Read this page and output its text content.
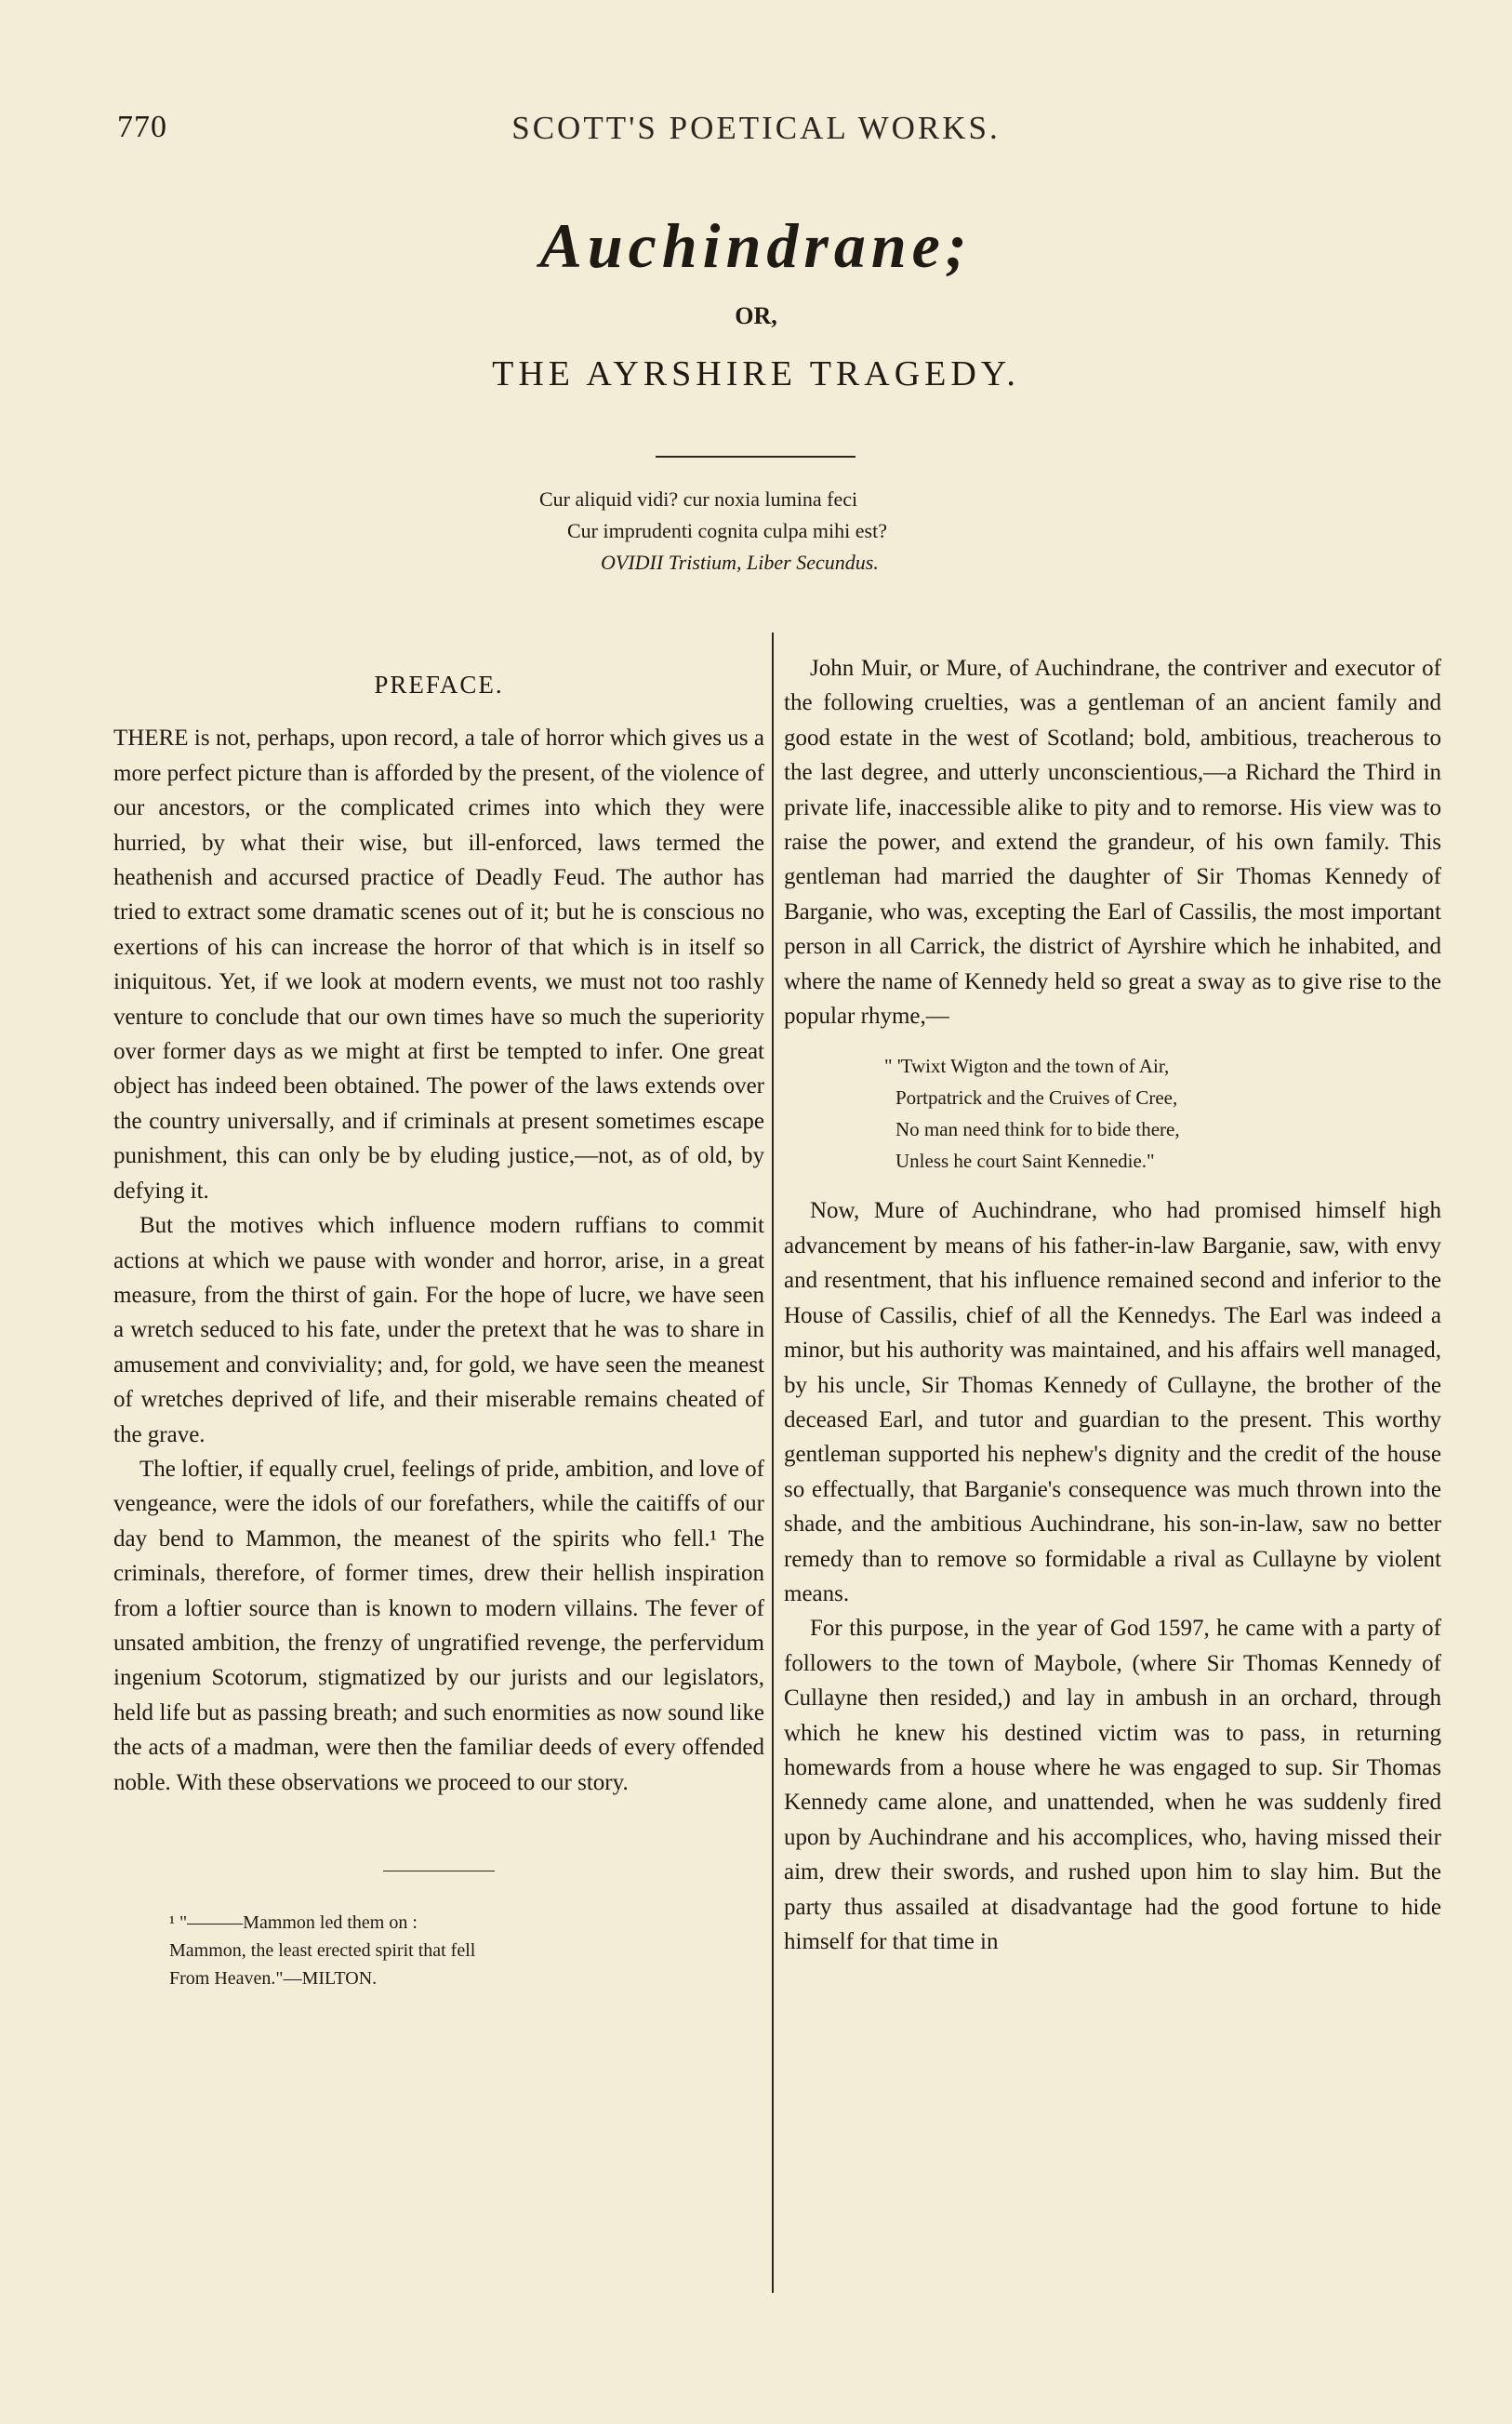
770	SCOTT'S POETICAL WORKS.
Auchindrane;
OR,
THE AYRSHIRE TRAGEDY.
Cur aliquid vidi? cur noxia lumina feci
Cur imprudenti cognita culpa mihi est?
OVIDII Tristium, Liber Secundus.
PREFACE.

THERE is not, perhaps, upon record, a tale of horror which gives us a more perfect picture than is afforded by the present, of the violence of our ancestors, or the complicated crimes into which they were hurried, by what their wise, but ill-enforced, laws termed the heathenish and accursed practice of Deadly Feud. The author has tried to extract some dramatic scenes out of it; but he is conscious no exertions of his can increase the horror of that which is in itself so iniquitous. Yet, if we look at modern events, we must not too rashly venture to conclude that our own times have so much the superiority over former days as we might at first be tempted to infer. One great object has indeed been obtained. The power of the laws extends over the country universally, and if criminals at present sometimes escape punishment, this can only be by eluding justice,—not, as of old, by defying it.

But the motives which influence modern ruffians to commit actions at which we pause with wonder and horror, arise, in a great measure, from the thirst of gain. For the hope of lucre, we have seen a wretch seduced to his fate, under the pretext that he was to share in amusement and conviviality; and, for gold, we have seen the meanest of wretches deprived of life, and their miserable remains cheated of the grave.

The loftier, if equally cruel, feelings of pride, ambition, and love of vengeance, were the idols of our forefathers, while the caitiffs of our day bend to Mammon, the meanest of the spirits who fell.¹ The criminals, therefore, of former times, drew their hellish inspiration from a loftier source than is known to modern villains. The fever of unsated ambition, the frenzy of ungratified revenge, the perfervidum ingenium Scotorum, stigmatized by our jurists and our legislators, held life but as passing breath; and such enormities as now sound like the acts of a madman, were then the familiar deeds of every offended noble. With these observations we proceed to our story.

¹ "———Mammon led them on :
Mammon, the least erected spirit that fell
From Heaven."—MILTON.

John Muir, or Mure, of Auchindrane, the contriver and executor of the following cruelties, was a gentleman of an ancient family and good estate in the west of Scotland; bold, ambitious, treacherous to the last degree, and utterly unconscientious,—a Richard the Third in private life, inaccessible alike to pity and to remorse. His view was to raise the power, and extend the grandeur, of his own family. This gentleman had married the daughter of Sir Thomas Kennedy of Barganie, who was, excepting the Earl of Cassilis, the most important person in all Carrick, the district of Ayrshire which he inhabited, and where the name of Kennedy held so great a sway as to give rise to the popular rhyme,—

" 'Twixt Wigton and the town of Air,
Portpatrick and the Cruives of Cree,
No man need think for to bide there,
Unless he court Saint Kennedie."

Now, Mure of Auchindrane, who had promised himself high advancement by means of his father-in-law Barganie, saw, with envy and resentment, that his influence remained second and inferior to the House of Cassilis, chief of all the Kennedys. The Earl was indeed a minor, but his authority was maintained, and his affairs well managed, by his uncle, Sir Thomas Kennedy of Cullayne, the brother of the deceased Earl, and tutor and guardian to the present. This worthy gentleman supported his nephew's dignity and the credit of the house so effectually, that Barganie's consequence was much thrown into the shade, and the ambitious Auchindrane, his son-in-law, saw no better remedy than to remove so formidable a rival as Cullayne by violent means.

For this purpose, in the year of God 1597, he came with a party of followers to the town of Maybole, (where Sir Thomas Kennedy of Cullayne then resided,) and lay in ambush in an orchard, through which he knew his destined victim was to pass, in returning homewards from a house where he was engaged to sup. Sir Thomas Kennedy came alone, and unattended, when he was suddenly fired upon by Auchindrane and his accomplices, who, having missed their aim, drew their swords, and rushed upon him to slay him. But the party thus assailed at disadvantage had the good fortune to hide himself for that time in
